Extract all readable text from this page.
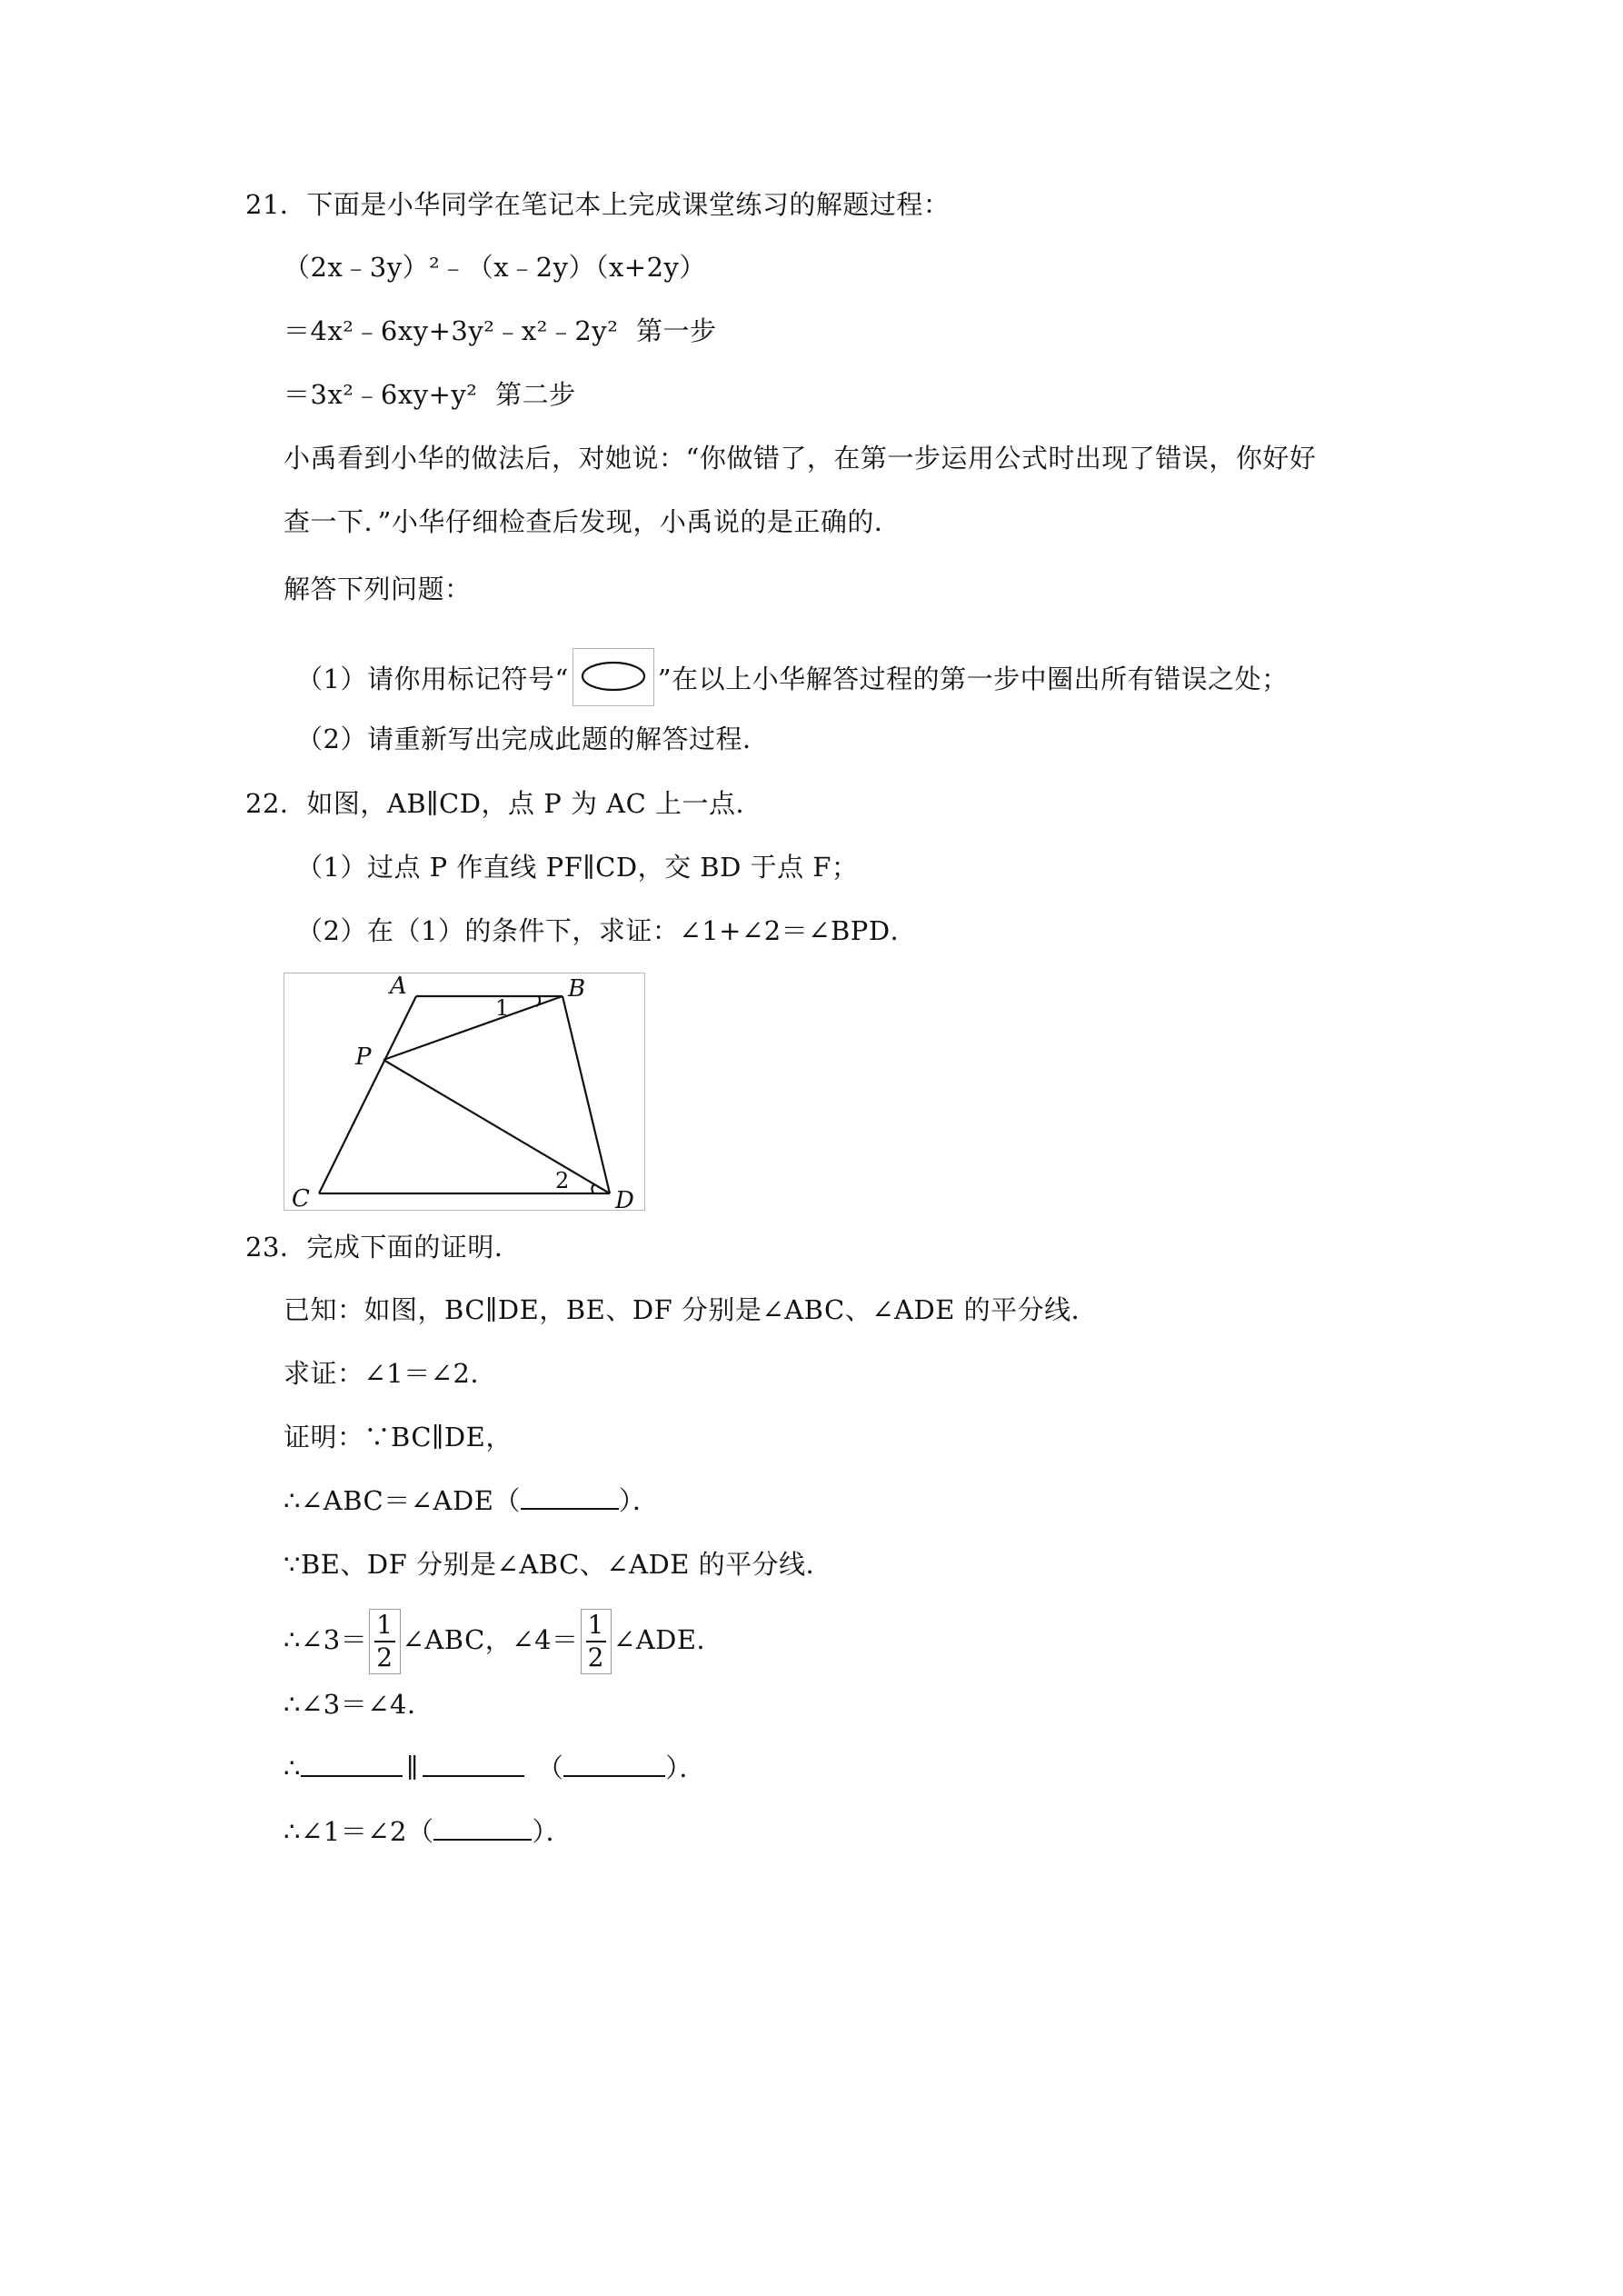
21．下面是小华同学在笔记本上完成课堂练习的解题过程：
（2x﹣3y）²﹣（x﹣2y）（x+2y）
＝4x²﹣6xy+3y²﹣x²﹣2y² 第一步
＝3x²﹣6xy+y² 第二步
小禹看到小华的做法后，对她说：“你做错了，在第一步运用公式时出现了错误，你好好
查一下．”小华仔细检查后发现，小禹说的是正确的．
解答下列问题：
（1）请你用标记符号“	”在以上小华解答过程的第一步中圈出所有错误之处；
（2）请重新写出完成此题的解答过程．
22．如图，AB∥CD，点 P 为 AC 上一点．
（1）过点 P 作直线 PF∥CD，交 BD 于点 F；
（2）在（1）的条件下，求证：∠1+∠2＝∠BPD．
A	B
P
C	D
1
2
23．完成下面的证明．
已知：如图，BC∥DE，BE、DF 分别是∠ABC、∠ADE 的平分线．
求证：∠1＝∠2．
证明：∵BC∥DE，
∴∠ABC＝∠ADE（	）．
∵BE、DF 分别是∠ABC、∠ADE 的平分线．
∴∠3＝ $\frac{1}{2}$ ∠ABC，∠4＝ $\frac{1}{2}$ ∠ADE．
∴∠3＝∠4．
∴	∥	（	）．
∴∠1＝∠2（	）．
